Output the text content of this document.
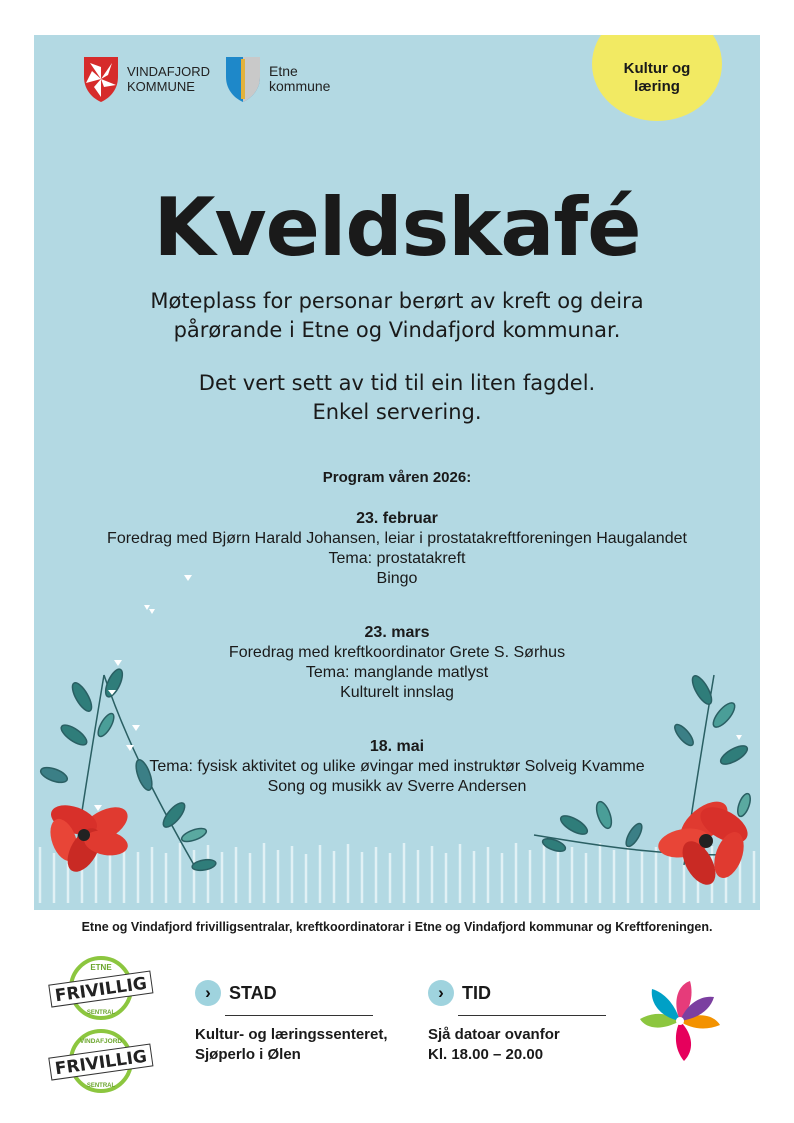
Kultur og
læring
VINDAFJORD
KOMMUNE
Etne
kommune
Kveldskafé
Møteplass for personar berørt av kreft og deira
pårørande i Etne og Vindafjord kommunar.
Det vert sett av tid til ein liten fagdel.
Enkel servering.
Program våren 2026:
23. februar
Foredrag med Bjørn Harald Johansen, leiar i prostatakreftforeningen Haugalandet
Tema: prostatakreft
Bingo
23. mars
Foredrag med kreftkoordinator Grete S. Sørhus
Tema: manglande matlyst
Kulturelt innslag
18. mai
Tema: fysisk aktivitet og ulike øvingar med instruktør Solveig Kvamme
Song og musikk av Sverre Andersen
Etne og Vindafjord frivilligsentralar, kreftkoordinatorar i Etne og Vindafjord kommunar og Kreftforeningen.
ETNE
FRIVILLIG
SENTRAL
VINDAFJORD
FRIVILLIG
SENTRAL
›	STAD
Kultur- og læringssenteret,
Sjøperlo i Ølen
›	TID
Sjå datoar ovanfor
Kl. 18.00 – 20.00
